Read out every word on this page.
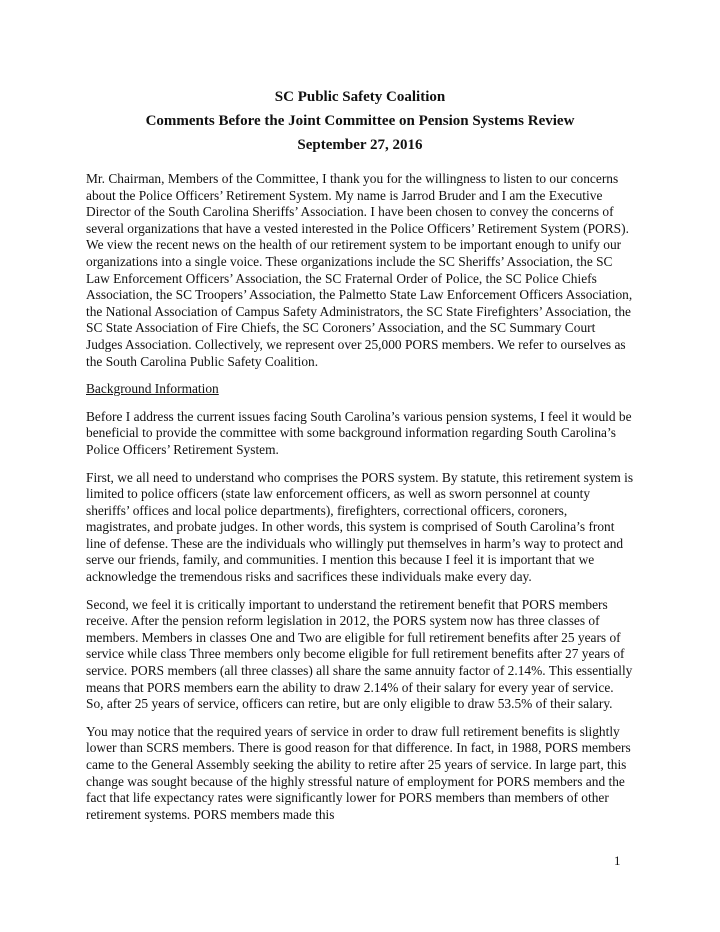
SC Public Safety Coalition
Comments Before the Joint Committee on Pension Systems Review
September 27, 2016

Mr. Chairman, Members of the Committee, I thank you for the willingness to listen to our concerns about the Police Officers’ Retirement System. My name is Jarrod Bruder and I am the Executive Director of the South Carolina Sheriffs’ Association. I have been chosen to convey the concerns of several organizations that have a vested interested in the Police Officers’ Retirement System (PORS). We view the recent news on the health of our retirement system to be important enough to unify our organizations into a single voice. These organizations include the SC Sheriffs’ Association, the SC Law Enforcement Officers’ Association, the SC Fraternal Order of Police, the SC Police Chiefs Association, the SC Troopers’ Association, the Palmetto State Law Enforcement Officers Association, the National Association of Campus Safety Administrators, the SC State Firefighters’ Association, the SC State Association of Fire Chiefs, the SC Coroners’ Association, and the SC Summary Court Judges Association. Collectively, we represent over 25,000 PORS members. We refer to ourselves as the South Carolina Public Safety Coalition.

Background Information

Before I address the current issues facing South Carolina’s various pension systems, I feel it would be beneficial to provide the committee with some background information regarding South Carolina’s Police Officers’ Retirement System.

First, we all need to understand who comprises the PORS system. By statute, this retirement system is limited to police officers (state law enforcement officers, as well as sworn personnel at county sheriffs’ offices and local police departments), firefighters, correctional officers, coroners, magistrates, and probate judges. In other words, this system is comprised of South Carolina’s front line of defense. These are the individuals who willingly put themselves in harm’s way to protect and serve our friends, family, and communities. I mention this because I feel it is important that we acknowledge the tremendous risks and sacrifices these individuals make every day.

Second, we feel it is critically important to understand the retirement benefit that PORS members receive. After the pension reform legislation in 2012, the PORS system now has three classes of members. Members in classes One and Two are eligible for full retirement benefits after 25 years of service while class Three members only become eligible for full retirement benefits after 27 years of service. PORS members (all three classes) all share the same annuity factor of 2.14%. This essentially means that PORS members earn the ability to draw 2.14% of their salary for every year of service. So, after 25 years of service, officers can retire, but are only eligible to draw 53.5% of their salary.

You may notice that the required years of service in order to draw full retirement benefits is slightly lower than SCRS members. There is good reason for that difference. In fact, in 1988, PORS members came to the General Assembly seeking the ability to retire after 25 years of service. In large part, this change was sought because of the highly stressful nature of employment for PORS members and the fact that life expectancy rates were significantly lower for PORS members than members of other retirement systems. PORS members made this

1
